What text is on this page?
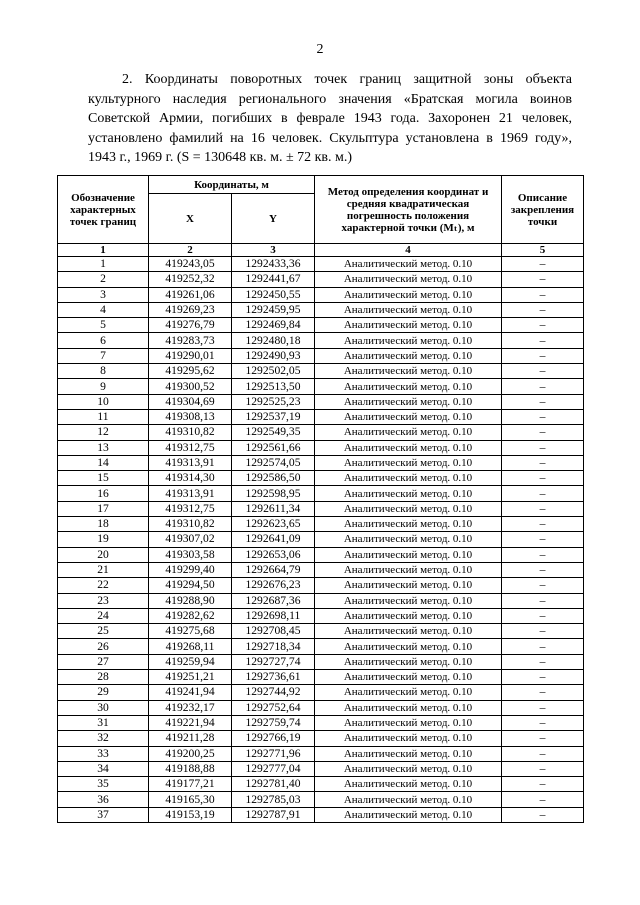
2
2. Координаты поворотных точек границ защитной зоны объекта
культурного наследия регионального значения «Братская могила воинов
Советской Армии, погибших в феврале 1943 года. Захоронен 21 человек,
установлено фамилий на 16 человек. Скульптура установлена в 1969 году»,
1943 г., 1969 г. (S = 130648 кв. м. ± 72 кв. м.)
Обозначение характерных точек границ	Координаты, м		Метод определения координат и средняя квадратическая погрешность положения характерной точки (Mₜ), м	Описание закрепления точки
	X	Y		
1	2	3	4	5
1	419243,05	1292433,36	Аналитический метод. 0.10	–
2	419252,32	1292441,67	Аналитический метод. 0.10	–
3	419261,06	1292450,55	Аналитический метод. 0.10	–
4	419269,23	1292459,95	Аналитический метод. 0.10	–
5	419276,79	1292469,84	Аналитический метод. 0.10	–
6	419283,73	1292480,18	Аналитический метод. 0.10	–
7	419290,01	1292490,93	Аналитический метод. 0.10	–
8	419295,62	1292502,05	Аналитический метод. 0.10	–
9	419300,52	1292513,50	Аналитический метод. 0.10	–
10	419304,69	1292525,23	Аналитический метод. 0.10	–
11	419308,13	1292537,19	Аналитический метод. 0.10	–
12	419310,82	1292549,35	Аналитический метод. 0.10	–
13	419312,75	1292561,66	Аналитический метод. 0.10	–
14	419313,91	1292574,05	Аналитический метод. 0.10	–
15	419314,30	1292586,50	Аналитический метод. 0.10	–
16	419313,91	1292598,95	Аналитический метод. 0.10	–
17	419312,75	1292611,34	Аналитический метод. 0.10	–
18	419310,82	1292623,65	Аналитический метод. 0.10	–
19	419307,02	1292641,09	Аналитический метод. 0.10	–
20	419303,58	1292653,06	Аналитический метод. 0.10	–
21	419299,40	1292664,79	Аналитический метод. 0.10	–
22	419294,50	1292676,23	Аналитический метод. 0.10	–
23	419288,90	1292687,36	Аналитический метод. 0.10	–
24	419282,62	1292698,11	Аналитический метод. 0.10	–
25	419275,68	1292708,45	Аналитический метод. 0.10	–
26	419268,11	1292718,34	Аналитический метод. 0.10	–
27	419259,94	1292727,74	Аналитический метод. 0.10	–
28	419251,21	1292736,61	Аналитический метод. 0.10	–
29	419241,94	1292744,92	Аналитический метод. 0.10	–
30	419232,17	1292752,64	Аналитический метод. 0.10	–
31	419221,94	1292759,74	Аналитический метод. 0.10	–
32	419211,28	1292766,19	Аналитический метод. 0.10	–
33	419200,25	1292771,96	Аналитический метод. 0.10	–
34	419188,88	1292777,04	Аналитический метод. 0.10	–
35	419177,21	1292781,40	Аналитический метод. 0.10	–
36	419165,30	1292785,03	Аналитический метод. 0.10	–
37	419153,19	1292787,91	Аналитический метод. 0.10	–
